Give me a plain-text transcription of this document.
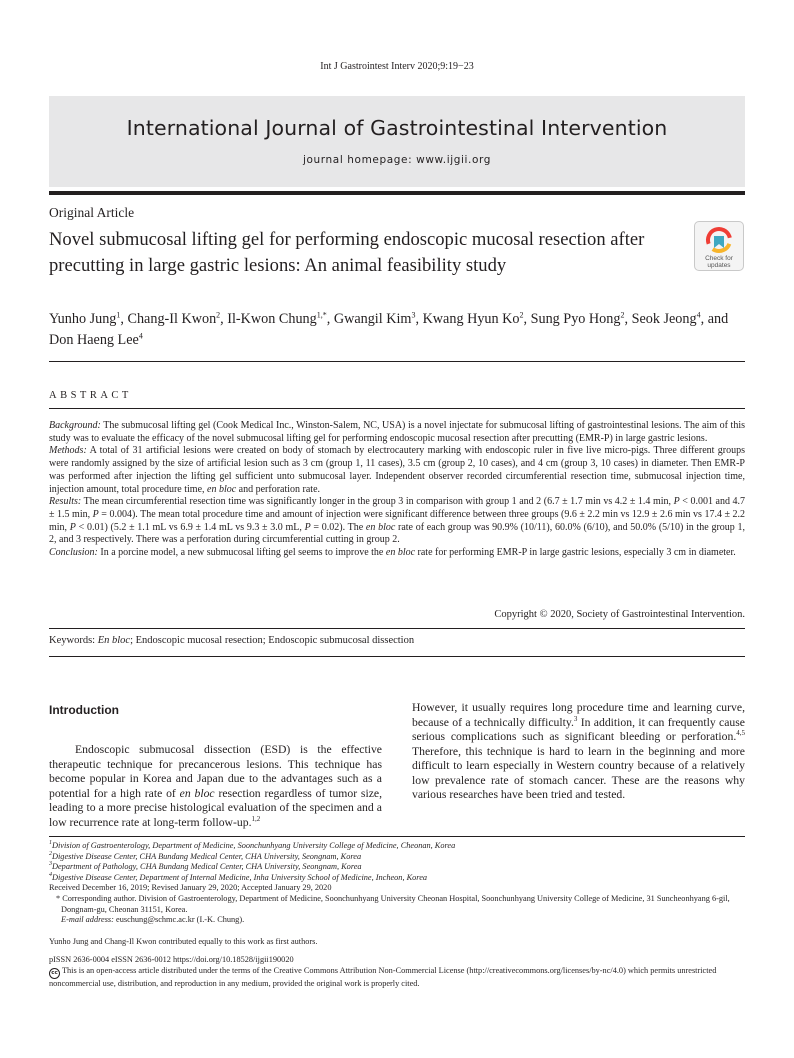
Int J Gastrointest Interv 2020;9:19−23
International Journal of Gastrointestinal Intervention
journal homepage: www.ijgii.org
Original Article
Novel submucosal lifting gel for performing endoscopic mucosal resection after precutting in large gastric lesions: An animal feasibility study	Check for
updates
Yunho Jung$^1$, Chang-Il Kwon$^2$, Il-Kwon Chung$^{1,*}$, Gwangil Kim$^3$, Kwang Hyun Ko$^2$, Sung Pyo Hong$^2$, Seok Jeong$^4$, and Don Haeng Lee$^4$
ABSTRACT

Background: The submucosal lifting gel (Cook Medical Inc., Winston-Salem, NC, USA) is a novel injectate for submucosal lifting of gastrointestinal lesions. The aim of this study was to evaluate the efficacy of the novel submucosal lifting gel for performing endoscopic mucosal resection after precutting (EMR-P) in large gastric lesions.

Methods: A total of 31 artificial lesions were created on body of stomach by electrocautery marking with endoscopic ruler in five live micro-pigs. Three different groups were randomly assigned by the size of artificial lesion such as 3 cm (group 1, 11 cases), 3.5 cm (group 2, 10 cases), and 4 cm (group 3, 10 cases) in diameter. Then EMR-P was performed after injection the lifting gel sufficient unto submucosal layer. Independent observer recorded circumferential resection time, submucosal injection time, injection amount, total procedure time, en bloc and perforation rate.

Results: The mean circumferential resection time was significantly longer in the group 3 in comparison with group 1 and 2 (6.7 ± 1.7 min vs 4.2 ± 1.4 min, P < 0.001 and 4.7 ± 1.5 min, P = 0.004). The mean total procedure time and amount of injection were significant difference between three groups (9.6 ± 2.2 min vs 12.9 ± 2.6 min vs 17.4 ± 2.2 min, P < 0.01) (5.2 ± 1.1 mL vs 6.9 ± 1.4 mL vs 9.3 ± 3.0 mL, P = 0.02). The en bloc rate of each group was 90.9% (10/11), 60.0% (6/10), and 50.0% (5/10) in the group 1, 2, and 3 respectively. There was a perforation during circumferential cutting in group 2.

Conclusion: In a porcine model, a new submucosal lifting gel seems to improve the en bloc rate for performing EMR-P in large gastric lesions, especially 3 cm in diameter.

Copyright © 2020, Society of Gastrointestinal Intervention.
Keywords: En bloc; Endoscopic mucosal resection; Endoscopic submucosal dissection
Introduction
Endoscopic submucosal dissection (ESD) is the effective therapeutic technique for precancerous lesions. This technique has become popular in Korea and Japan due to the advantages such as a potential for a high rate of en bloc resection regardless of tumor size, leading to a more precise histological evaluation of the specimen and a low recurrence rate at long-term follow-up.$^{1,2}$
However, it usually requires long procedure time and learning curve, because of a technically difficulty.$^3$ In addition, it can frequently cause serious complications such as significant bleeding or perforation.$^{4,5}$ Therefore, this technique is hard to learn in the beginning and more difficult to learn especially in Western country because of a relatively low prevalence rate of stomach cancer. These are the reasons why various researches have been tried and tested.
$^1$Division of Gastroenterology, Department of Medicine, Soonchunhyang University College of Medicine, Cheonan, Korea
$^2$Digestive Disease Center, CHA Bundang Medical Center, CHA University, Seongnam, Korea
$^3$Department of Pathology, CHA Bundang Medical Center, CHA University, Seongnam, Korea
$^4$Digestive Disease Center, Department of Internal Medicine, Inha University School of Medicine, Incheon, Korea
Received December 16, 2019; Revised January 29, 2020; Accepted January 29, 2020
* Corresponding author. Division of Gastroenterology, Department of Medicine, Soonchunhyang University Cheonan Hospital, Soonchunhyang University College of Medicine, 31 Suncheonhyang 6-gil, Dongnam-gu, Cheonan 31151, Korea.
E-mail address: euschung@schmc.ac.kr (I.-K. Chung).
Yunho Jung and Chang-Il Kwon contributed equally to this work as first authors.
pISSN 2636-0004 eISSN 2636-0012 https://doi.org/10.18528/ijgii190020
cc This is an open-access article distributed under the terms of the Creative Commons Attribution Non-Commercial License (http://creativecommons.org/licenses/by-nc/4.0) which permits unrestricted noncommercial use, distribution, and reproduction in any medium, provided the original work is properly cited.
